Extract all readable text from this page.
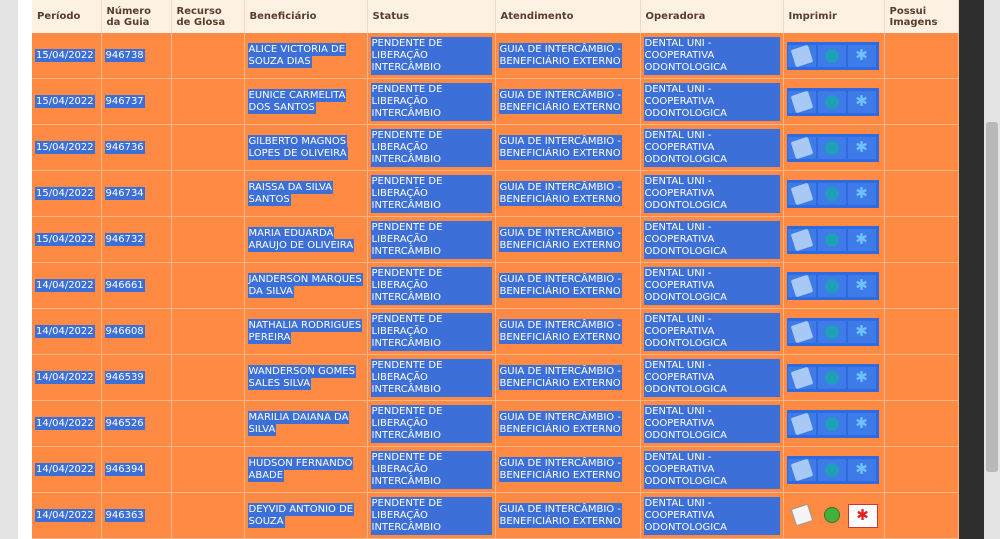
Período	Número da Guia	Recurso de Glosa	Beneficiário	Status	Atendimento	Operadora	Imprimir	Possui Imagens
15/04/2022	946738		ALICE VICTORIA DE SOUZA DIAS	PENDENTE DE LIBERAÇÃO INTERCÂMBIO	GUIA DE INTERCÂMBIO - BENEFICIÁRIO EXTERNO	DENTAL UNI - COOPERATIVA ODONTOLOGICA	✱	

15/04/2022	946737		EUNICE CARMELITA DOS SANTOS	PENDENTE DE LIBERAÇÃO INTERCÂMBIO	GUIA DE INTERCÂMBIO - BENEFICIÁRIO EXTERNO	DENTAL UNI - COOPERATIVA ODONTOLOGICA	✱	

15/04/2022	946736		GILBERTO MAGNOS LOPES DE OLIVEIRA	PENDENTE DE LIBERAÇÃO INTERCÂMBIO	GUIA DE INTERCÂMBIO - BENEFICIÁRIO EXTERNO	DENTAL UNI - COOPERATIVA ODONTOLOGICA	✱	

15/04/2022	946734		RAISSA DA SILVA SANTOS	PENDENTE DE LIBERAÇÃO INTERCÂMBIO	GUIA DE INTERCÂMBIO - BENEFICIÁRIO EXTERNO	DENTAL UNI - COOPERATIVA ODONTOLOGICA	✱	

15/04/2022	946732		MARIA EDUARDA ARAUJO DE OLIVEIRA	PENDENTE DE LIBERAÇÃO INTERCÂMBIO	GUIA DE INTERCÂMBIO - BENEFICIÁRIO EXTERNO	DENTAL UNI - COOPERATIVA ODONTOLOGICA	✱	

14/04/2022	946661		JANDERSON MARQUES DA SILVA	PENDENTE DE LIBERAÇÃO INTERCÂMBIO	GUIA DE INTERCÂMBIO - BENEFICIÁRIO EXTERNO	DENTAL UNI - COOPERATIVA ODONTOLOGICA	✱	

14/04/2022	946608		NATHALIA RODRIGUES PEREIRA	PENDENTE DE LIBERAÇÃO INTERCÂMBIO	GUIA DE INTERCÂMBIO - BENEFICIÁRIO EXTERNO	DENTAL UNI - COOPERATIVA ODONTOLOGICA	✱	

14/04/2022	946539		WANDERSON GOMES SALES SILVA	PENDENTE DE LIBERAÇÃO INTERCÂMBIO	GUIA DE INTERCÂMBIO - BENEFICIÁRIO EXTERNO	DENTAL UNI - COOPERATIVA ODONTOLOGICA	✱	

14/04/2022	946526		MARILIA DAIANA DA SILVA	PENDENTE DE LIBERAÇÃO INTERCÂMBIO	GUIA DE INTERCÂMBIO - BENEFICIÁRIO EXTERNO	DENTAL UNI - COOPERATIVA ODONTOLOGICA	✱	

14/04/2022	946394		HUDSON FERNANDO ABADE	PENDENTE DE LIBERAÇÃO INTERCÂMBIO	GUIA DE INTERCÂMBIO - BENEFICIÁRIO EXTERNO	DENTAL UNI - COOPERATIVA ODONTOLOGICA	✱	

14/04/2022	946363		DEYVID ANTONIO DE SOUZA	PENDENTE DE LIBERAÇÃO INTERCÂMBIO	GUIA DE INTERCÂMBIO - BENEFICIÁRIO EXTERNO	DENTAL UNI - COOPERATIVA ODONTOLOGICA	✱	
